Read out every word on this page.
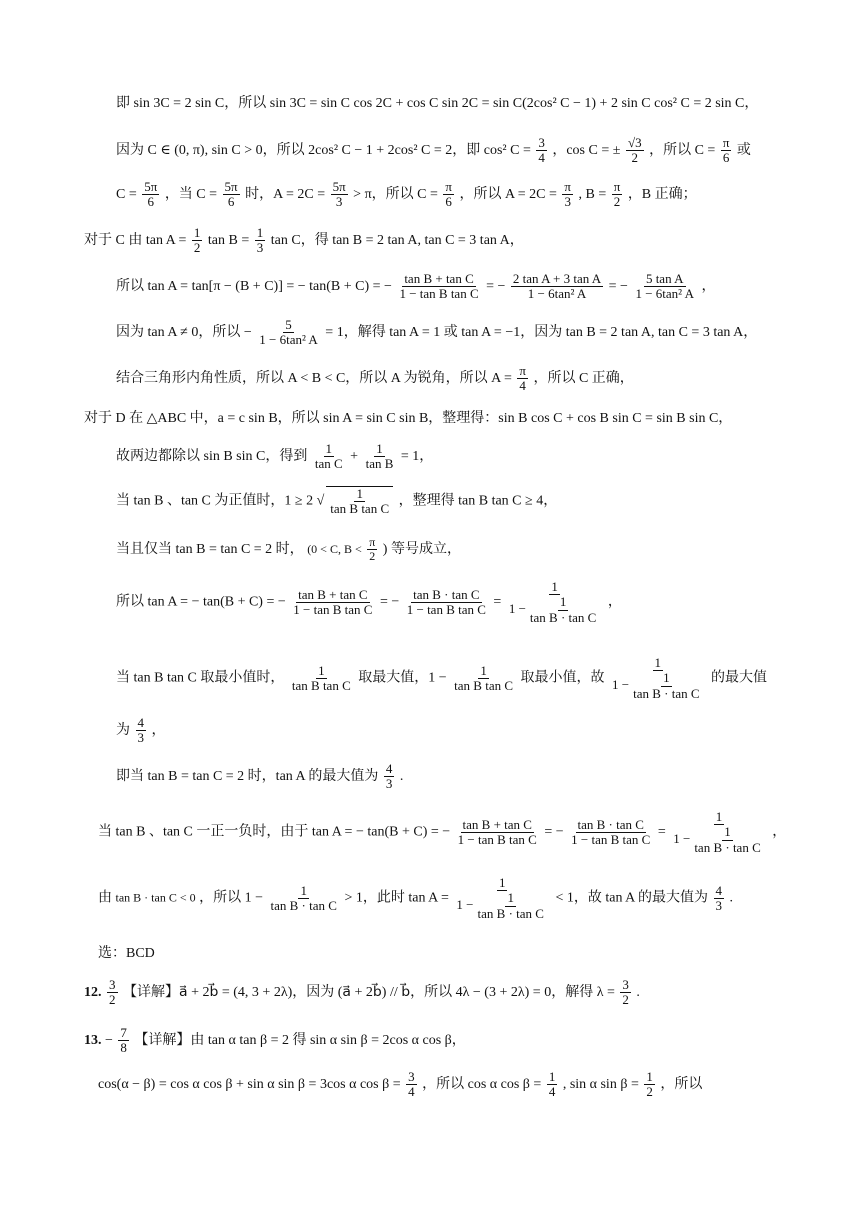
即 sin 3C = 2 sin C，所以 sin 3C = sin C cos 2C + cos C sin 2C = sin C(2cos² C − 1) + 2 sin C cos² C = 2 sin C，
因为 C ∈ (0, π), sin C > 0，所以 2cos² C − 1 + 2cos² C = 2，即 cos² $C = \frac{3}{4}$ ，cos C = ± $\frac{√3}{2}$ ，所以 $C = \frac{\pi}{6}$ 或
$C = \frac{5\pi}{6}$ ，当 $C = \frac{5\pi}{6}$ 时，$A = 2C = \frac{5\pi}{3} > \pi$，所以 $C = \frac{\pi}{6}$ ，所以 $A = 2C = \frac{\pi}{3}$ , $B = \frac{\pi}{2}$ ，B 正确；
对于 C 由 $\tan A = \frac{1}{2}$ $\tan B = \frac{1}{3}$ tan C，得 tan B = 2 tan A, tan C = 3 tan A，
所以 tan A = tan[π − (B + C)] = − tan(B + C) = − $\frac{\text{tan B + tan C}}{\text{1 − tan B tan C}}$ = − $\frac{\text{2 tan A + 3 tan A}}{\text{1 − 6tan² A}}$ = − $\frac{\text{5 tan A}}{\text{1 − 6tan² A}}$ ，
因为 tan A ≠ 0，所以 − $\frac{5}{\text{1 − 6tan² A}} = 1$，解得 tan A = 1 或 tan A = −1，因为 tan B = 2 tan A, tan C = 3 tan A，
结合三角形内角性质，所以 A < B < C，所以 A 为锐角，所以 $A = \frac{\pi}{4}$ ，所以 C 正确，
对于 D 在 △ABC 中，a = c sin B，所以 sin A = sin C sin B，整理得：sin B cos C + cos B sin C = sin B sin C，
故两边都除以 sin B sin C，得到 $\frac{1}{\text{tan C}} + \frac{1}{\text{tan B}} = 1$，
当 tan B 、tan C 为正值时，1 ≥ 2 √ $\frac{1}{\text{tan B tan C}}$ ，整理得 tan B tan C ≥ 4，
当且仅当 tan B = tan C = 2 时， (0 < C, $B < \frac{\pi}{2}$ ) 等号成立，
所以 tan A = − tan(B + C) = − $\frac{\text{tan B + tan C}}{\text{1 − tan B tan C}}$ = − $\frac{\text{tan B · tan C}}{\text{1 − tan B tan C}} = \frac{1}{1 - \frac{1}{\text{tan B · tan C}}}$ ，
当 tan B tan C 取最小值时， $\frac{1}{\text{tan B tan C}}$ 取最大值，$1 - \frac{1}{\text{tan B tan C}}$ 取最小值，故 $\frac{1}{1 - \frac{1}{\text{tan B · tan C}}}$ 的最大值
为 $\frac{4}{3}$ ，
即当 tan B = tan C = 2 时，tan A 的最大值为 $\frac{4}{3}$ .
当 tan B 、tan C 一正一负时，由于 tan A = − tan(B + C) = − $\frac{\text{tan B + tan C}}{\text{1 − tan B tan C}}$ = − $\frac{\text{tan B · tan C}}{\text{1 − tan B tan C}} = \frac{1}{1 - \frac{1}{\text{tan B · tan C}}}$ ，
由 tan B · tan C < 0 ，所以 $1 - \frac{1}{\text{tan B · tan C}} > 1$，此时 $\tan A = \frac{1}{1 - \frac{1}{\text{tan B · tan C}}} < 1$，故 tan A 的最大值为 $\frac{4}{3}$ .
选：BCD
12. $\frac{3}{2}$ 【详解】a⃗ + 2b⃗ = (4, 3 + 2λ)，因为 (a⃗ + 2b⃗) // b⃗，所以 4λ − (3 + 2λ) = 0，解得 $\lambda = \frac{3}{2}$ .
13. − $\frac{7}{8}$ 【详解】由 tan α tan β = 2 得 sin α sin β = 2cos α cos β，
cos(α − β) = cos α cos β + sin α sin β = 3cos α $\cos \beta = \frac{3}{4}$ ，所以 cos α $\cos \beta = \frac{1}{4}$ , sin α $\sin \beta = \frac{1}{2}$ ，所以
